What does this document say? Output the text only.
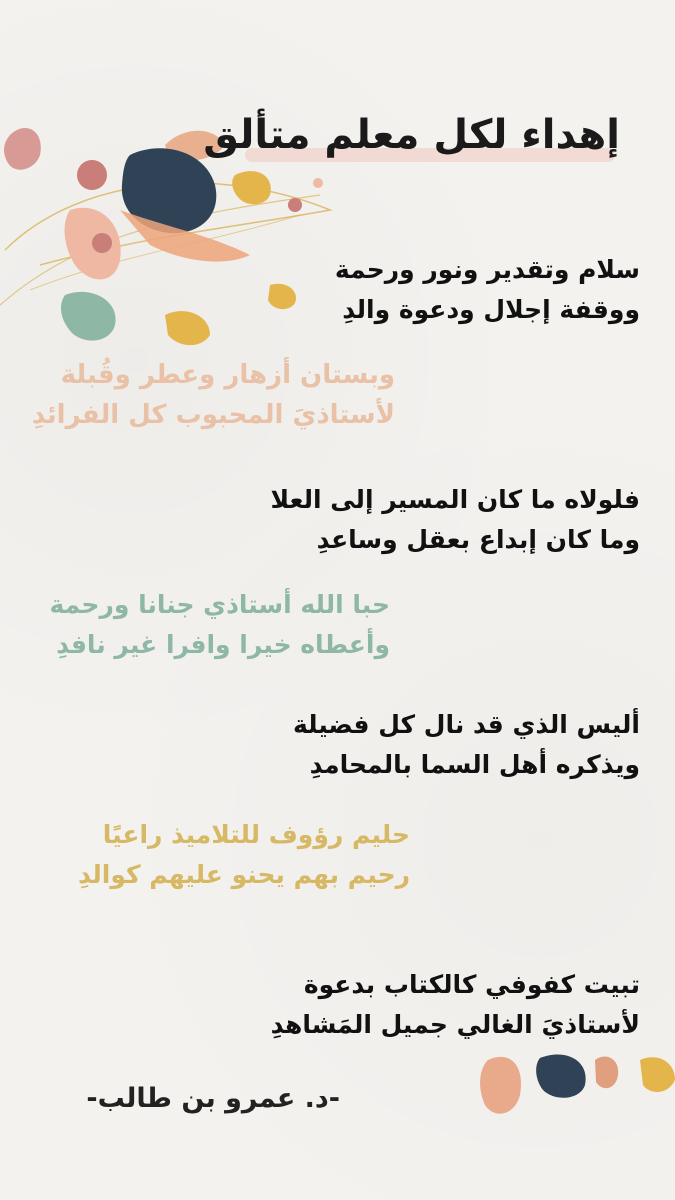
إهداء لكل معلم متألق
سلام وتقدير ونور ورحمة
ووقفة إجلال ودعوة والدِ
وبستان أزهار وعطر وقُبلة
لأستاذيَ المحبوب كل الفرائدِ
فلولاه ما كان المسير إلى العلا
وما كان إبداع بعقل وساعدِ
حبا الله أستاذي جنانا ورحمة
وأعطاه خيرا وافرا غير نافدِ
أليس الذي قد نال كل فضيلة
ويذكره أهل السما بالمحامدِ
حليم رؤوف للتلاميذ راعيًا
رحيم بهم يحنو عليهم كوالدِ
تبيت كفوفي كالكتاب بدعوة
لأستاذيَ الغالي جميل المَشاهدِ
-د. عمرو بن طالب-
